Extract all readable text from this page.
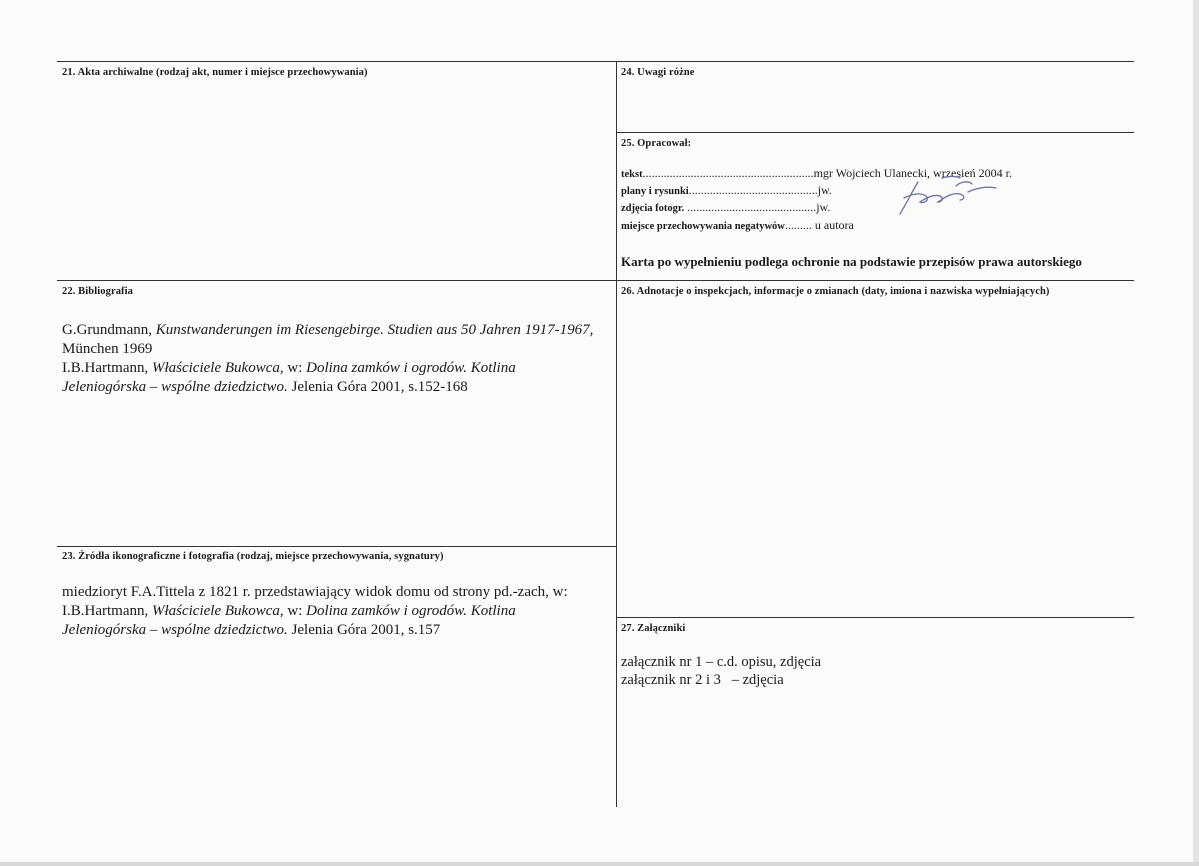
21. Akta archiwalne (rodzaj akt, numer i miejsce przechowywania)	24. Uwagi różne
25. Opracował:
tekst.........................................................mgr Wojciech Ulanecki, wrzesień 2004 r.
plany i rysunki...........................................jw.
zdjęcia fotogr. ...........................................jw.
miejsce przechowywania negatywów......... u autora
Karta po wypełnieniu podlega ochronie na podstawie przepisów prawa autorskiego
22. Bibliografia
G.Grundmann, Kunstwanderungen im Riesengebirge. Studien aus 50 Jahren 1917-1967, München 1969
I.B.Hartmann, Właściciele Bukowca, w: Dolina zamków i ogrodów. Kotlina Jeleniogórska – wspólne dziedzictwo. Jelenia Góra 2001, s.152-168
23. Źródła ikonograficzne i fotografia (rodzaj, miejsce przechowywania, sygnatury)
miedzioryt F.A.Tittela z 1821 r. przedstawiający widok domu od strony pd.-zach, w:
I.B.Hartmann, Właściciele Bukowca, w: Dolina zamków i ogrodów. Kotlina Jeleniogórska – wspólne dziedzictwo. Jelenia Góra 2001, s.157
26. Adnotacje o inspekcjach, informacje o zmianach (daty, imiona i nazwiska wypełniających)
27. Załączniki
załącznik nr 1 – c.d. opisu, zdjęcia
załącznik nr 2 i 3   – zdjęcia
